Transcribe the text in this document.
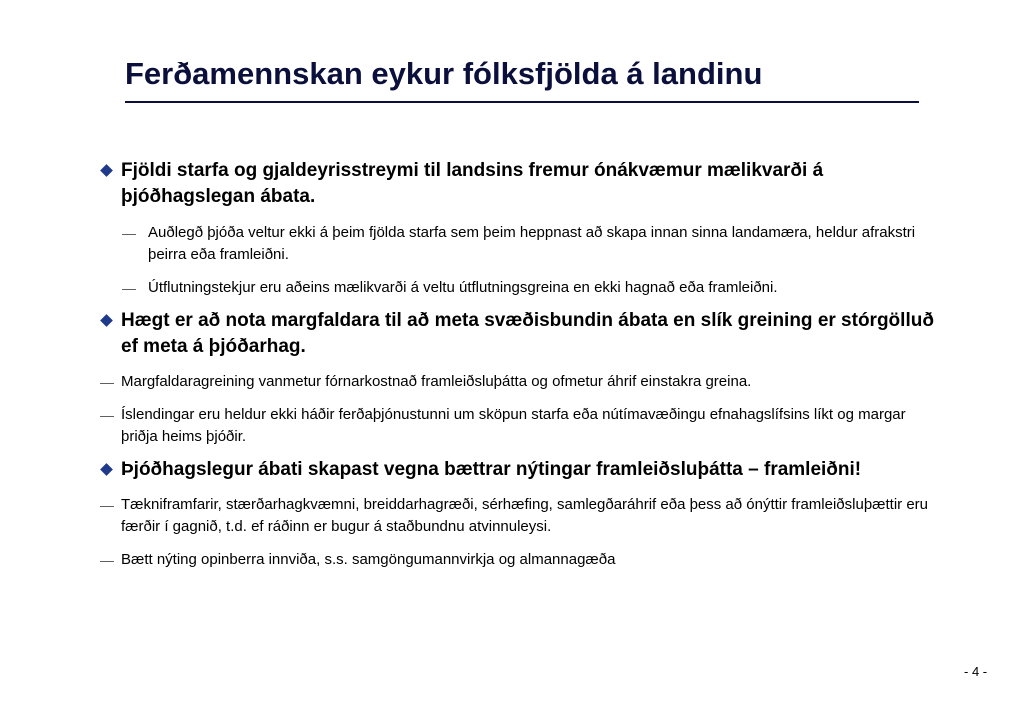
Ferðamennskan eykur fólksfjölda á landinu

Fjöldi starfa og gjaldeyrisstreymi til landsins fremur ónákvæmur mælikvarði á þjóðhagslegan ábata.

— Auðlegð þjóða veltur ekki á þeim fjölda starfa sem þeim heppnast að skapa innan sinna landamæra, heldur afrakstri þeirra eða framleiðni.

— Útflutningstekjur eru aðeins mælikvarði á veltu útflutningsgreina en ekki hagnað eða framleiðni.

Hægt er að nota margfaldara til að meta svæðisbundin ábata en slík greining er stórgölluð ef meta á þjóðarhag.

— Margfaldaragreining vanmetur fórnarkostnað framleiðsluþátta og ofmetur áhrif einstakra greina.

— Íslendingar eru heldur ekki háðir ferðaþjónustunni um sköpun starfa eða nútímavæðingu efnahagslífsins líkt og margar þriðja heims þjóðir.

Þjóðhagslegur ábati skapast vegna bættrar nýtingar framleiðsluþátta – framleiðni!

— Tækniframfarir, stærðarhagkvæmni, breiddarhagræði, sérhæfing, samlegðaráhrif eða þess að ónýttir framleiðsluþættir eru færðir í gagnið, t.d. ef ráðinn er bugur á staðbundnu atvinnuleysi.

— Bætt nýting opinberra innviða, s.s. samgöngumannvirkja og almannagæða

- 4 -
